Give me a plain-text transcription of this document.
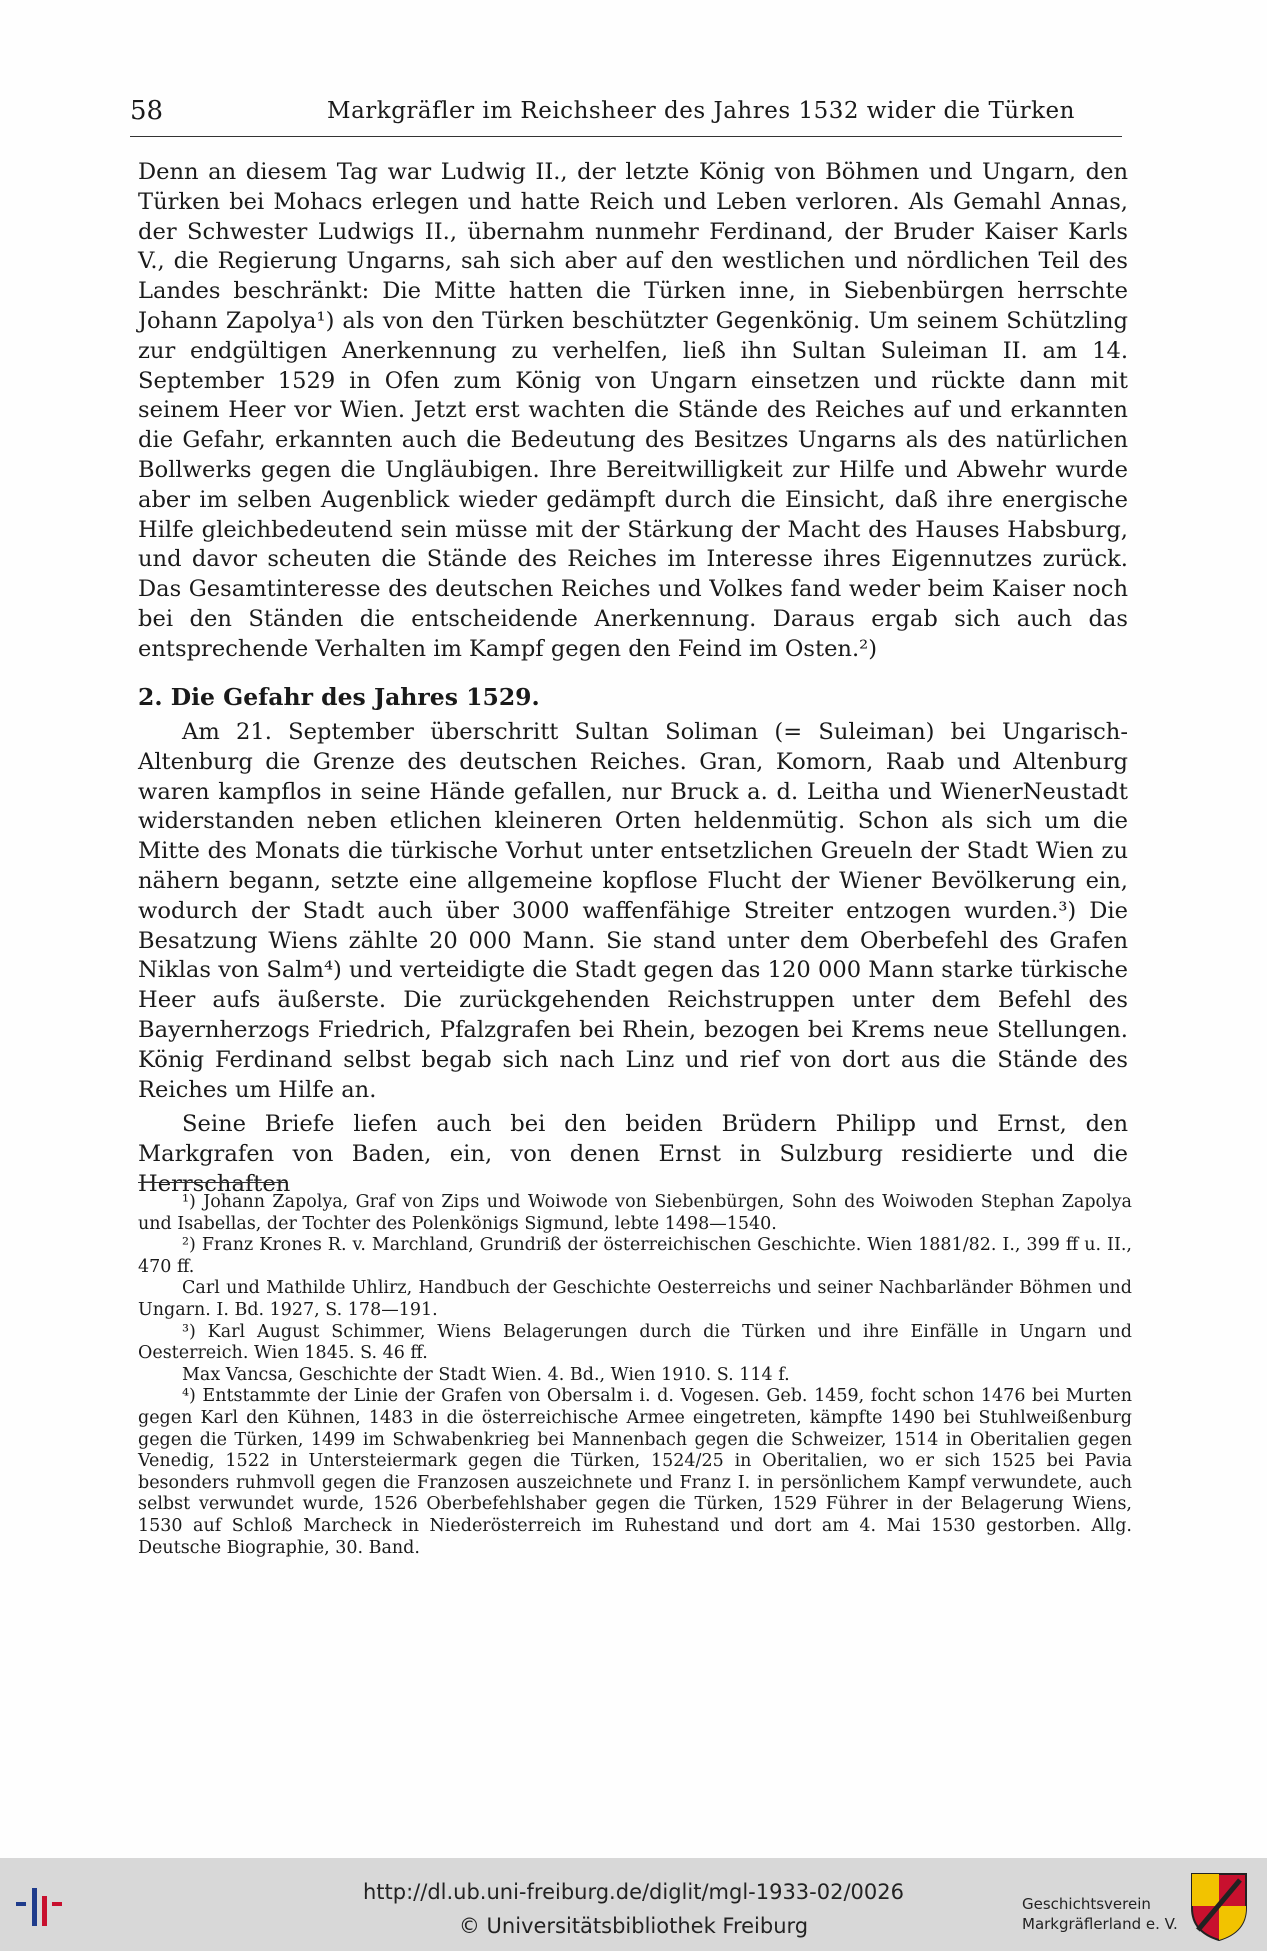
58	Markgräfler im Reichsheer des Jahres 1532 wider die Türken

Denn an diesem Tag war Ludwig II., der letzte König von Böhmen und Ungarn, den Türken bei Mohacs erlegen und hatte Reich und Leben verloren. Als Gemahl Annas, der Schwester Ludwigs II., übernahm nunmehr Ferdinand, der Bruder Kaiser Karls V., die Regierung Ungarns, sah sich aber auf den westlichen und nördlichen Teil des Landes beschränkt: Die Mitte hatten die Türken inne, in Siebenbürgen herrschte Johann Zapolya¹) als von den Türken beschützter Gegenkönig. Um seinem Schützling zur endgültigen Anerkennung zu verhelfen, ließ ihn Sultan Suleiman II. am 14. September 1529 in Ofen zum König von Ungarn einsetzen und rückte dann mit seinem Heer vor Wien. Jetzt erst wachten die Stände des Reiches auf und erkannten die Gefahr, erkannten auch die Bedeutung des Besitzes Ungarns als des natürlichen Bollwerks gegen die Ungläubigen. Ihre Bereitwilligkeit zur Hilfe und Abwehr wurde aber im selben Augenblick wieder gedämpft durch die Einsicht, daß ihre energische Hilfe gleichbedeutend sein müsse mit der Stärkung der Macht des Hauses Habsburg, und davor scheuten die Stände des Reiches im Interesse ihres Eigennutzes zurück. Das Gesamtinteresse des deutschen Reiches und Volkes fand weder beim Kaiser noch bei den Ständen die entscheidende Anerkennung. Daraus ergab sich auch das entsprechende Verhalten im Kampf gegen den Feind im Osten.²)

2. Die Gefahr des Jahres 1529.

Am 21. September überschritt Sultan Soliman (= Suleiman) bei Ungarisch-Altenburg die Grenze des deutschen Reiches. Gran, Komorn, Raab und Altenburg waren kampflos in seine Hände gefallen, nur Bruck a. d. Leitha und WienerNeustadt widerstanden neben etlichen kleineren Orten heldenmütig. Schon als sich um die Mitte des Monats die türkische Vorhut unter entsetzlichen Greueln der Stadt Wien zu nähern begann, setzte eine allgemeine kopflose Flucht der Wiener Bevölkerung ein, wodurch der Stadt auch über 3000 waffenfähige Streiter entzogen wurden.³) Die Besatzung Wiens zählte 20 000 Mann. Sie stand unter dem Oberbefehl des Grafen Niklas von Salm⁴) und verteidigte die Stadt gegen das 120 000 Mann starke türkische Heer aufs äußerste. Die zurückgehenden Reichstruppen unter dem Befehl des Bayernherzogs Friedrich, Pfalzgrafen bei Rhein, bezogen bei Krems neue Stellungen. König Ferdinand selbst begab sich nach Linz und rief von dort aus die Stände des Reiches um Hilfe an.

Seine Briefe liefen auch bei den beiden Brüdern Philipp und Ernst, den Markgrafen von Baden, ein, von denen Ernst in Sulzburg residierte und die Herrschaften

¹) Johann Zapolya, Graf von Zips und Woiwode von Siebenbürgen, Sohn des Woiwoden Stephan Zapolya und Isabellas, der Tochter des Polenkönigs Sigmund, lebte 1498—1540.

²) Franz Krones R. v. Marchland, Grundriß der österreichischen Geschichte. Wien 1881/82. I., 399 ff u. II., 470 ff.

Carl und Mathilde Uhlirz, Handbuch der Geschichte Oesterreichs und seiner Nachbarländer Böhmen und Ungarn. I. Bd. 1927, S. 178—191.

³) Karl August Schimmer, Wiens Belagerungen durch die Türken und ihre Einfälle in Ungarn und Oesterreich. Wien 1845. S. 46 ff.

Max Vancsa, Geschichte der Stadt Wien. 4. Bd., Wien 1910. S. 114 f.

⁴) Entstammte der Linie der Grafen von Obersalm i. d. Vogesen. Geb. 1459, focht schon 1476 bei Murten gegen Karl den Kühnen, 1483 in die österreichische Armee eingetreten, kämpfte 1490 bei Stuhlweißenburg gegen die Türken, 1499 im Schwabenkrieg bei Mannenbach gegen die Schweizer, 1514 in Oberitalien gegen Venedig, 1522 in Untersteiermark gegen die Türken, 1524/25 in Oberitalien, wo er sich 1525 bei Pavia besonders ruhmvoll gegen die Franzosen auszeichnete und Franz I. in persönlichem Kampf verwundete, auch selbst verwundet wurde, 1526 Oberbefehlshaber gegen die Türken, 1529 Führer in der Belagerung Wiens, 1530 auf Schloß Marcheck in Niederösterreich im Ruhestand und dort am 4. Mai 1530 gestorben. Allg. Deutsche Biographie, 30. Band.

http://dl.ub.uni-freiburg.de/diglit/mgl-1933-02/0026
© Universitätsbibliothek Freiburg
Geschichtsverein
Markgräflerland e. V.
